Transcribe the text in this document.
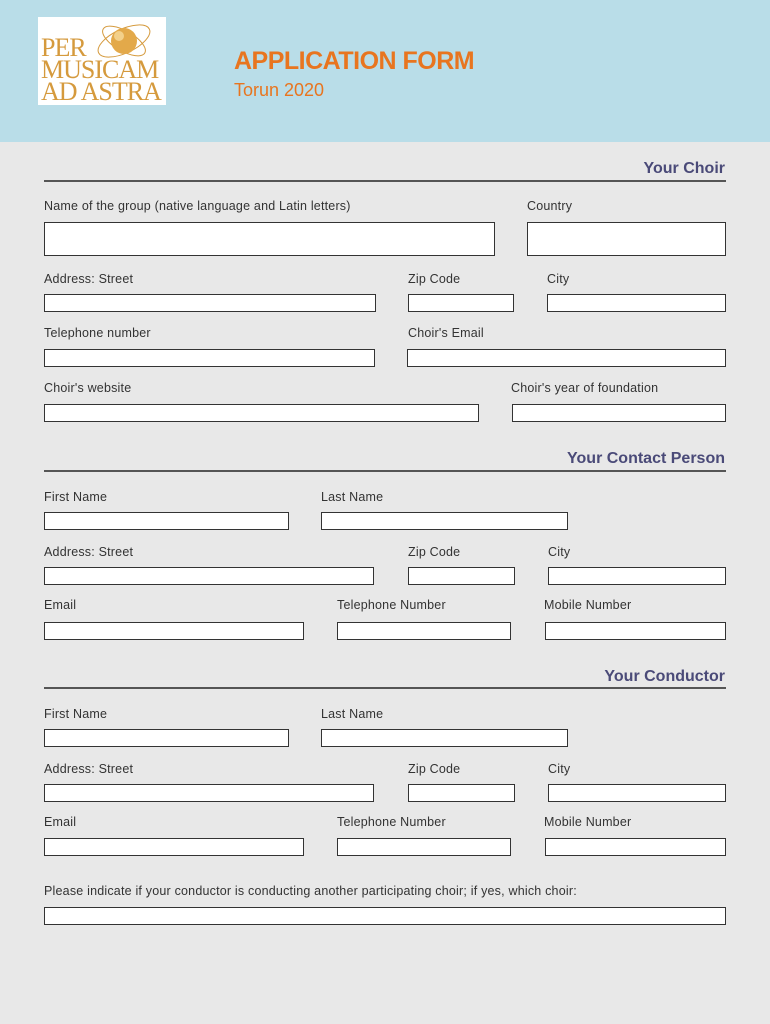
PER
MUSICAM
AD ASTRA
APPLICATION FORM
Torun 2020
Your Choir
Name of the group (native language and Latin letters)	Country
Address: Street	Zip Code	City
Telephone number	Choir's Email
Choir's website	Choir's year of foundation
Your Contact Person
First Name	Last Name
Address: Street	Zip Code	City
Email	Telephone Number	Mobile Number
Your Conductor
First Name	Last Name
Address: Street	Zip Code	City
Email	Telephone Number	Mobile Number
Please indicate if your conductor is conducting another participating choir; if yes, which choir:
